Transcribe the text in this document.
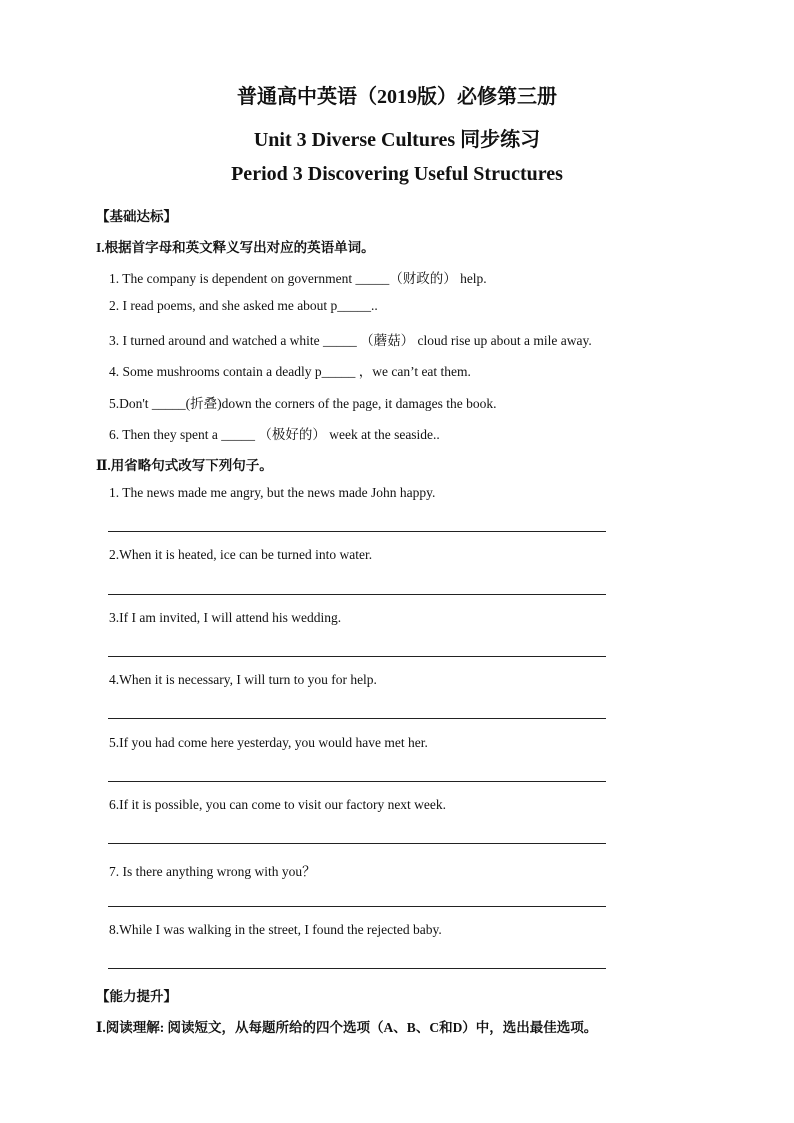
普通高中英语（2019版）必修第三册
Unit 3 Diverse Cultures 同步练习
Period 3 Discovering Useful Structures
【基础达标】
I.根据首字母和英文释义写出对应的英语单词。
1. The company is dependent on government _____（财政的） help.
2. I read poems, and she asked me about p_____..
3. I turned around and watched a white _____ （蘑菇） cloud rise up about a mile away.
4. Some mushrooms contain a deadly p_____ ，we can’t eat them.
5.Don't _____(折叠)down the corners of the page, it damages the book.
6. Then they spent a _____ （极好的） week at the seaside..
Ⅱ.用省略句式改写下列句子。
1. The news made me angry, but the news made John happy.
2.When it is heated, ice can be turned into water.
3.If I am invited, I will attend his wedding.
4.When it is necessary, I will turn to you for help.
5.If you had come here yesterday, you would have met her.
6.If it is possible, you can come to visit our factory next week.
7. Is there anything wrong with you？
8.While I was walking in the street, I found the rejected baby.
【能力提升】
Ⅰ.阅读理解: 阅读短文，从每题所给的四个选项（A、B、C和D）中，选出最佳选项。
